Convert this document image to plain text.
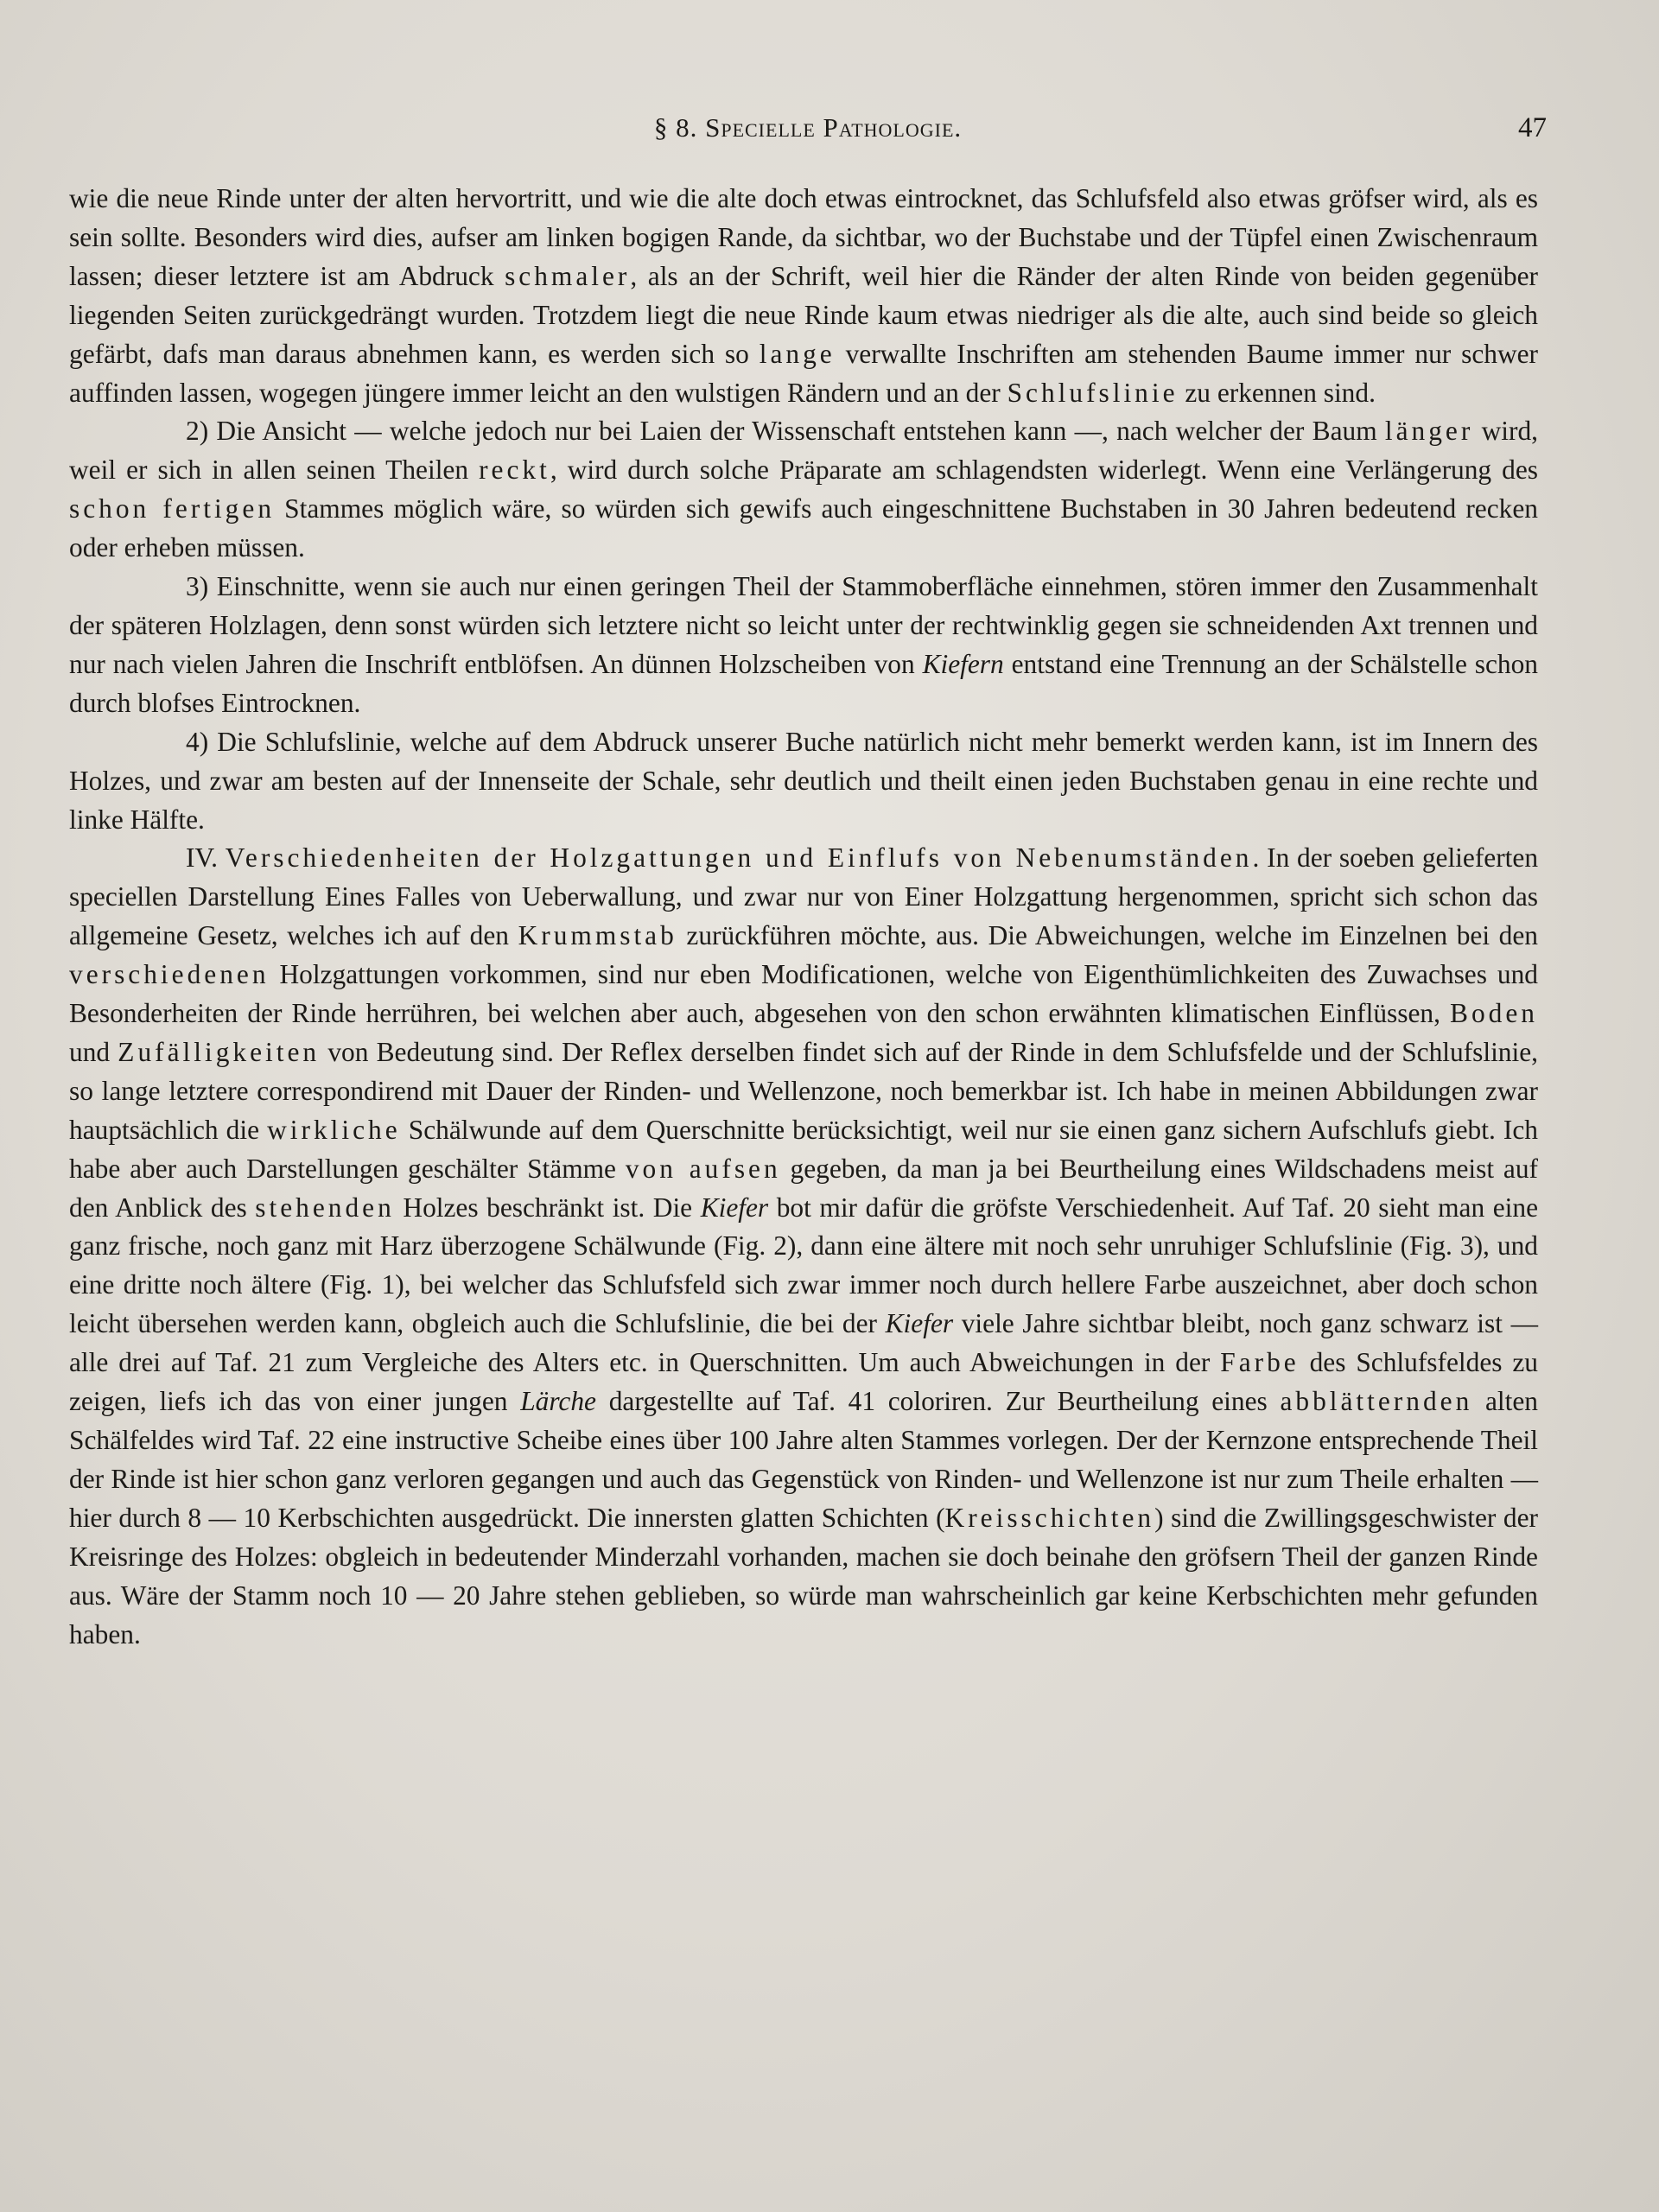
§ 8. Specielle Pathologie.	47

wie die neue Rinde unter der alten hervortritt, und wie die alte doch etwas eintrocknet, das Schlufsfeld also etwas gröfser wird, als es sein sollte. Besonders wird dies, aufser am linken bogigen Rande, da sichtbar, wo der Buchstabe und der Tüpfel einen Zwischenraum lassen; dieser letztere ist am Abdruck schmaler, als an der Schrift, weil hier die Ränder der alten Rinde von beiden gegenüber liegenden Seiten zurückgedrängt wurden. Trotzdem liegt die neue Rinde kaum etwas niedriger als die alte, auch sind beide so gleich gefärbt, dafs man daraus abnehmen kann, es werden sich so lange verwallte Inschriften am stehenden Baume immer nur schwer auffinden lassen, wogegen jüngere immer leicht an den wulstigen Rändern und an der Schlufslinie zu erkennen sind.

2) Die Ansicht — welche jedoch nur bei Laien der Wissenschaft entstehen kann —, nach welcher der Baum länger wird, weil er sich in allen seinen Theilen reckt, wird durch solche Präparate am schlagendsten widerlegt. Wenn eine Verlängerung des schon fertigen Stammes möglich wäre, so würden sich gewifs auch eingeschnittene Buchstaben in 30 Jahren bedeutend recken oder erheben müssen.

3) Einschnitte, wenn sie auch nur einen geringen Theil der Stammoberfläche einnehmen, stören immer den Zusammenhalt der späteren Holzlagen, denn sonst würden sich letztere nicht so leicht unter der rechtwinklig gegen sie schneidenden Axt trennen und nur nach vielen Jahren die Inschrift entblöfsen. An dünnen Holzscheiben von Kiefern entstand eine Trennung an der Schälstelle schon durch blofses Eintrocknen.

4) Die Schlufslinie, welche auf dem Abdruck unserer Buche natürlich nicht mehr bemerkt werden kann, ist im Innern des Holzes, und zwar am besten auf der Innenseite der Schale, sehr deutlich und theilt einen jeden Buchstaben genau in eine rechte und linke Hälfte.

IV. Verschiedenheiten der Holzgattungen und Einflufs von Nebenumständen. In der soeben gelieferten speciellen Darstellung Eines Falles von Ueberwallung, und zwar nur von Einer Holzgattung hergenommen, spricht sich schon das allgemeine Gesetz, welches ich auf den Krummstab zurückführen möchte, aus. Die Abweichungen, welche im Einzelnen bei den verschiedenen Holzgattungen vorkommen, sind nur eben Modificationen, welche von Eigenthümlichkeiten des Zuwachses und Besonderheiten der Rinde herrühren, bei welchen aber auch, abgesehen von den schon erwähnten klimatischen Einflüssen, Boden und Zufälligkeiten von Bedeutung sind. Der Reflex derselben findet sich auf der Rinde in dem Schlufsfelde und der Schlufslinie, so lange letztere correspondirend mit Dauer der Rinden- und Wellenzone, noch bemerkbar ist. Ich habe in meinen Abbildungen zwar hauptsächlich die wirkliche Schälwunde auf dem Querschnitte berücksichtigt, weil nur sie einen ganz sichern Aufschlufs giebt. Ich habe aber auch Darstellungen geschälter Stämme von aufsen gegeben, da man ja bei Beurtheilung eines Wildschadens meist auf den Anblick des stehenden Holzes beschränkt ist. Die Kiefer bot mir dafür die gröfste Verschiedenheit. Auf Taf. 20 sieht man eine ganz frische, noch ganz mit Harz überzogene Schälwunde (Fig. 2), dann eine ältere mit noch sehr unruhiger Schlufslinie (Fig. 3), und eine dritte noch ältere (Fig. 1), bei welcher das Schlufsfeld sich zwar immer noch durch hellere Farbe auszeichnet, aber doch schon leicht übersehen werden kann, obgleich auch die Schlufslinie, die bei der Kiefer viele Jahre sichtbar bleibt, noch ganz schwarz ist — alle drei auf Taf. 21 zum Vergleiche des Alters etc. in Querschnitten. Um auch Abweichungen in der Farbe des Schlufsfeldes zu zeigen, liefs ich das von einer jungen Lärche dargestellte auf Taf. 41 coloriren. Zur Beurtheilung eines abblätternden alten Schälfeldes wird Taf. 22 eine instructive Scheibe eines über 100 Jahre alten Stammes vorlegen. Der der Kernzone entsprechende Theil der Rinde ist hier schon ganz verloren gegangen und auch das Gegenstück von Rinden- und Wellenzone ist nur zum Theile erhalten — hier durch 8 — 10 Kerbschichten ausgedrückt. Die innersten glatten Schichten (Kreisschichten) sind die Zwillingsgeschwister der Kreisringe des Holzes: obgleich in bedeutender Minderzahl vorhanden, machen sie doch beinahe den gröfsern Theil der ganzen Rinde aus. Wäre der Stamm noch 10 — 20 Jahre stehen geblieben, so würde man wahrscheinlich gar keine Kerbschichten mehr gefunden haben.
